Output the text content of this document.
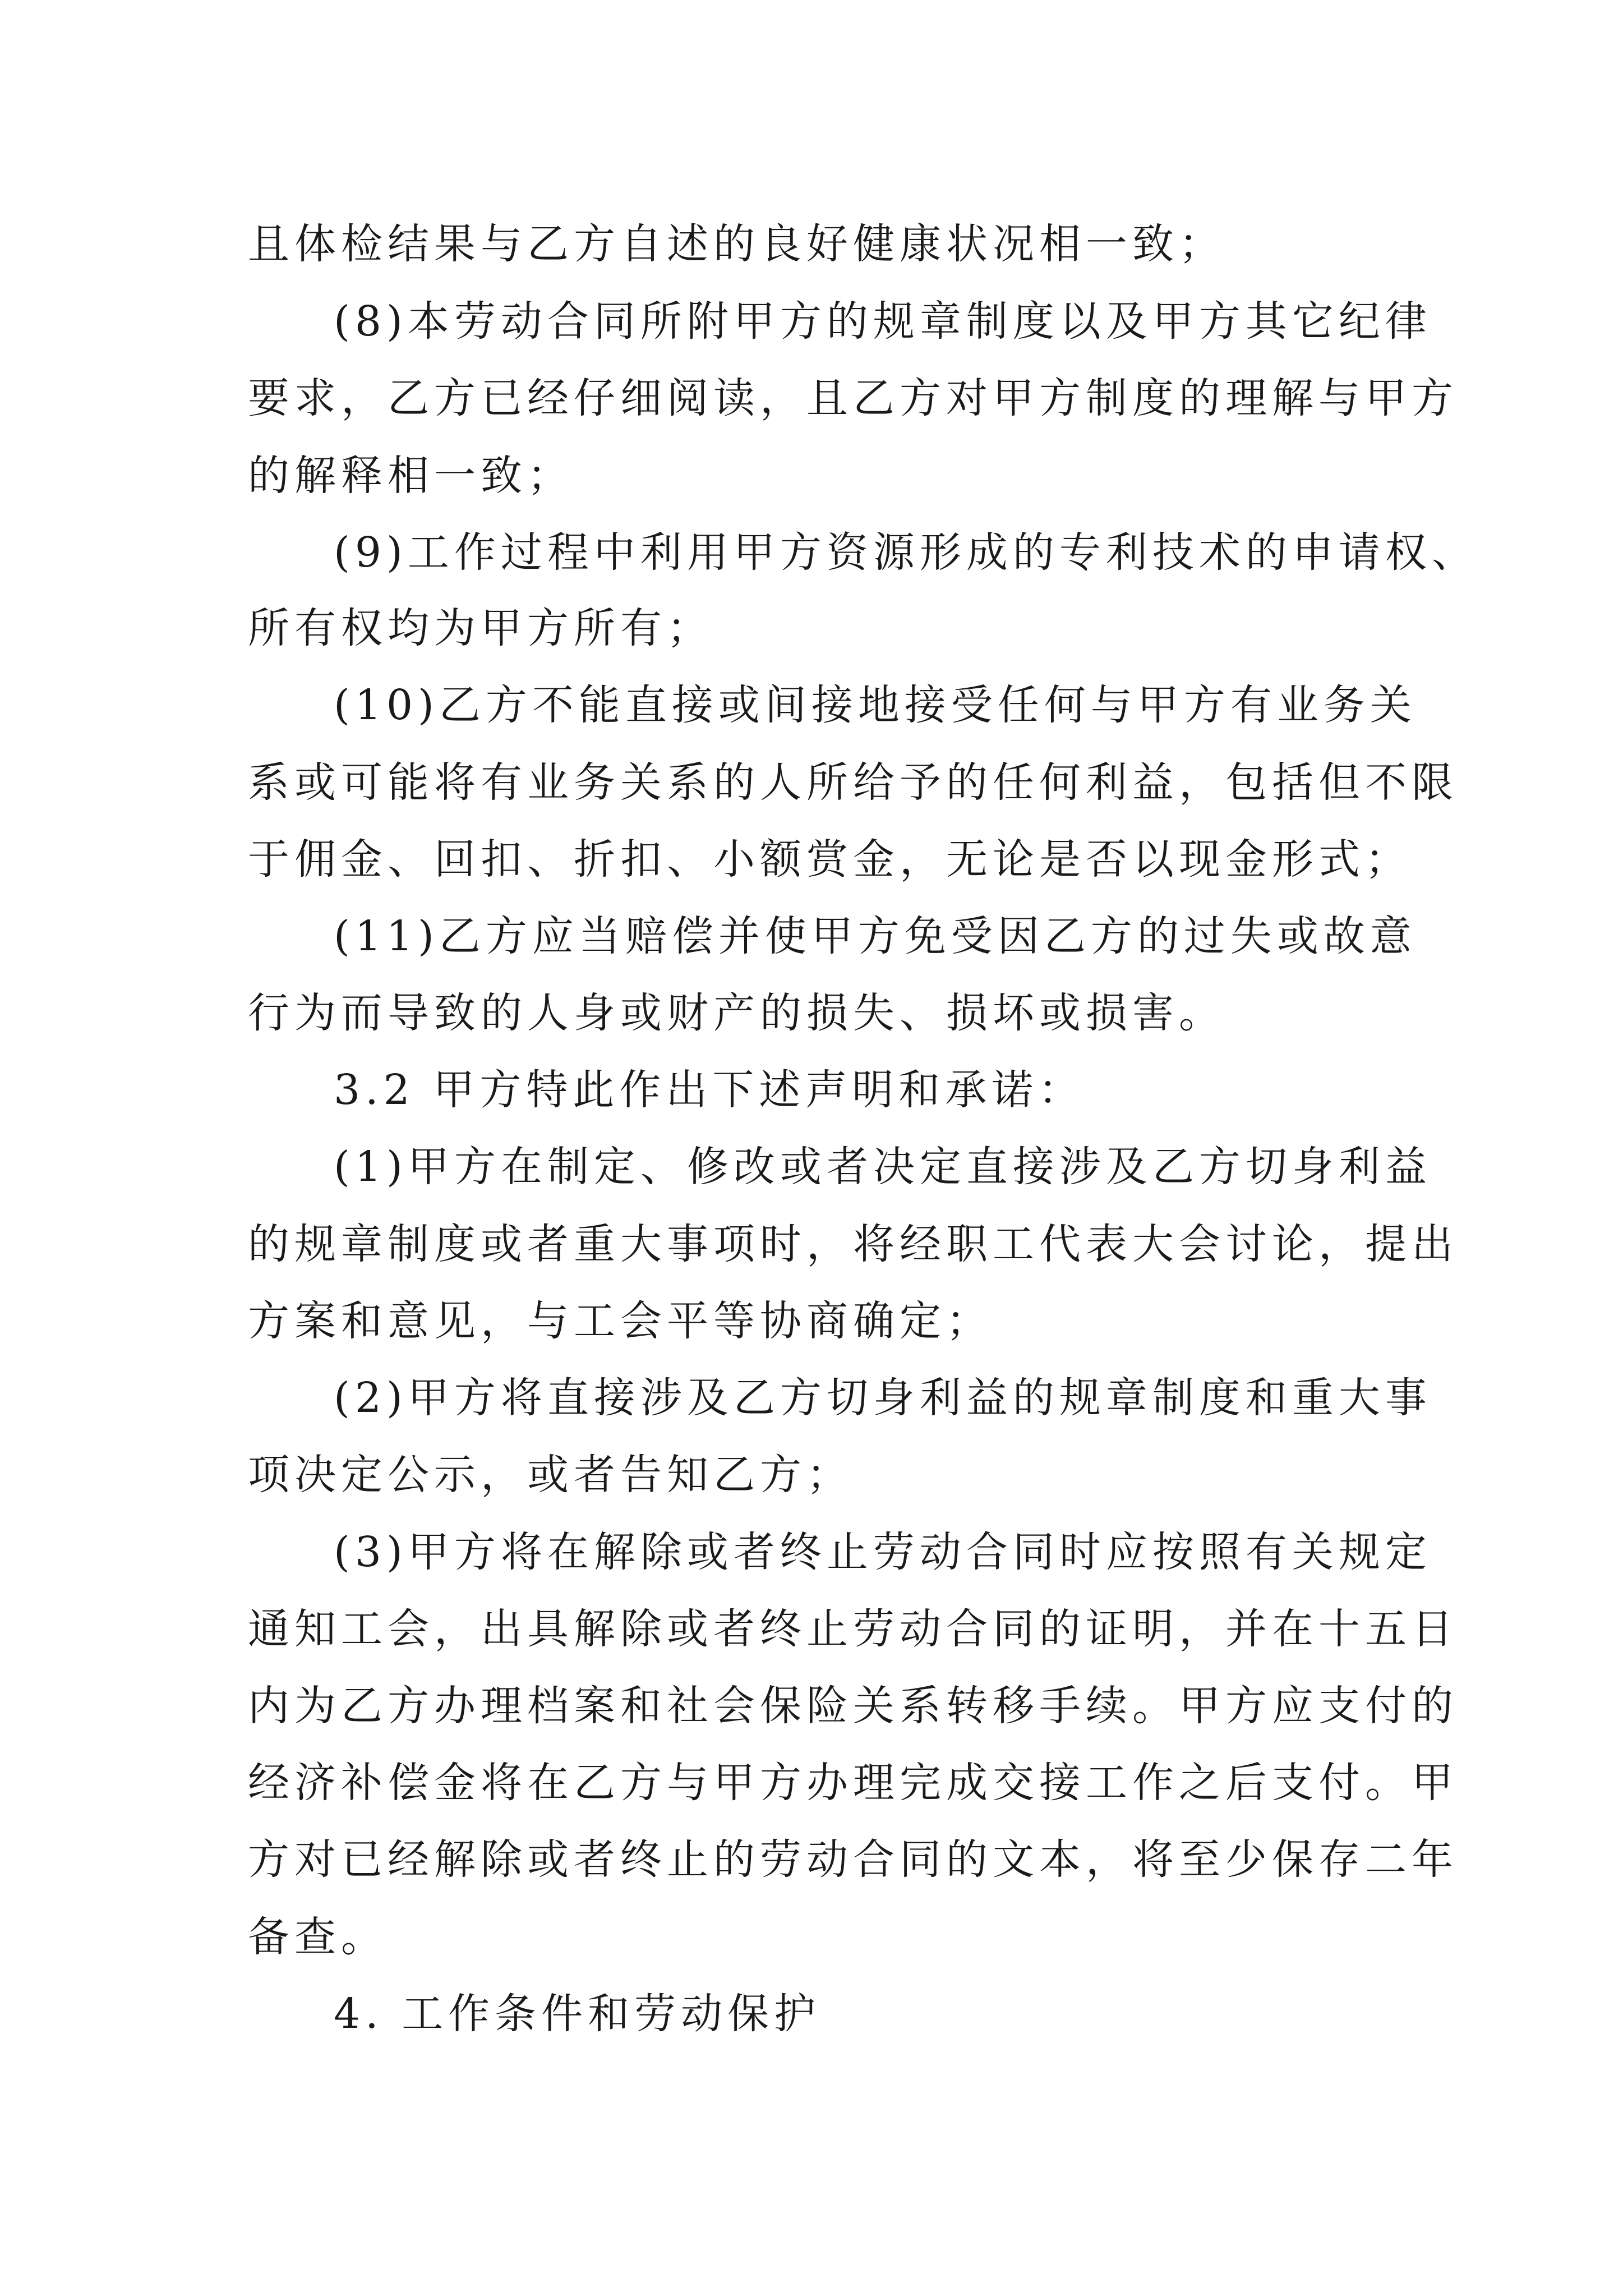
且体检结果与乙方自述的良好健康状况相一致；
(8)本劳动合同所附甲方的规章制度以及甲方其它纪律
要求，乙方已经仔细阅读，且乙方对甲方制度的理解与甲方
的解释相一致；
(9)工作过程中利用甲方资源形成的专利技术的申请权、
所有权均为甲方所有；
(10)乙方不能直接或间接地接受任何与甲方有业务关
系或可能将有业务关系的人所给予的任何利益，包括但不限
于佣金、回扣、折扣、小额赏金，无论是否以现金形式；
(11)乙方应当赔偿并使甲方免受因乙方的过失或故意
行为而导致的人身或财产的损失、损坏或损害。
3.2 甲方特此作出下述声明和承诺：
(1)甲方在制定、修改或者决定直接涉及乙方切身利益
的规章制度或者重大事项时，将经职工代表大会讨论，提出
方案和意见，与工会平等协商确定；
(2)甲方将直接涉及乙方切身利益的规章制度和重大事
项决定公示，或者告知乙方；
(3)甲方将在解除或者终止劳动合同时应按照有关规定
通知工会，出具解除或者终止劳动合同的证明，并在十五日
内为乙方办理档案和社会保险关系转移手续。甲方应支付的
经济补偿金将在乙方与甲方办理完成交接工作之后支付。甲
方对已经解除或者终止的劳动合同的文本，将至少保存二年
备查。
4. 工作条件和劳动保护
